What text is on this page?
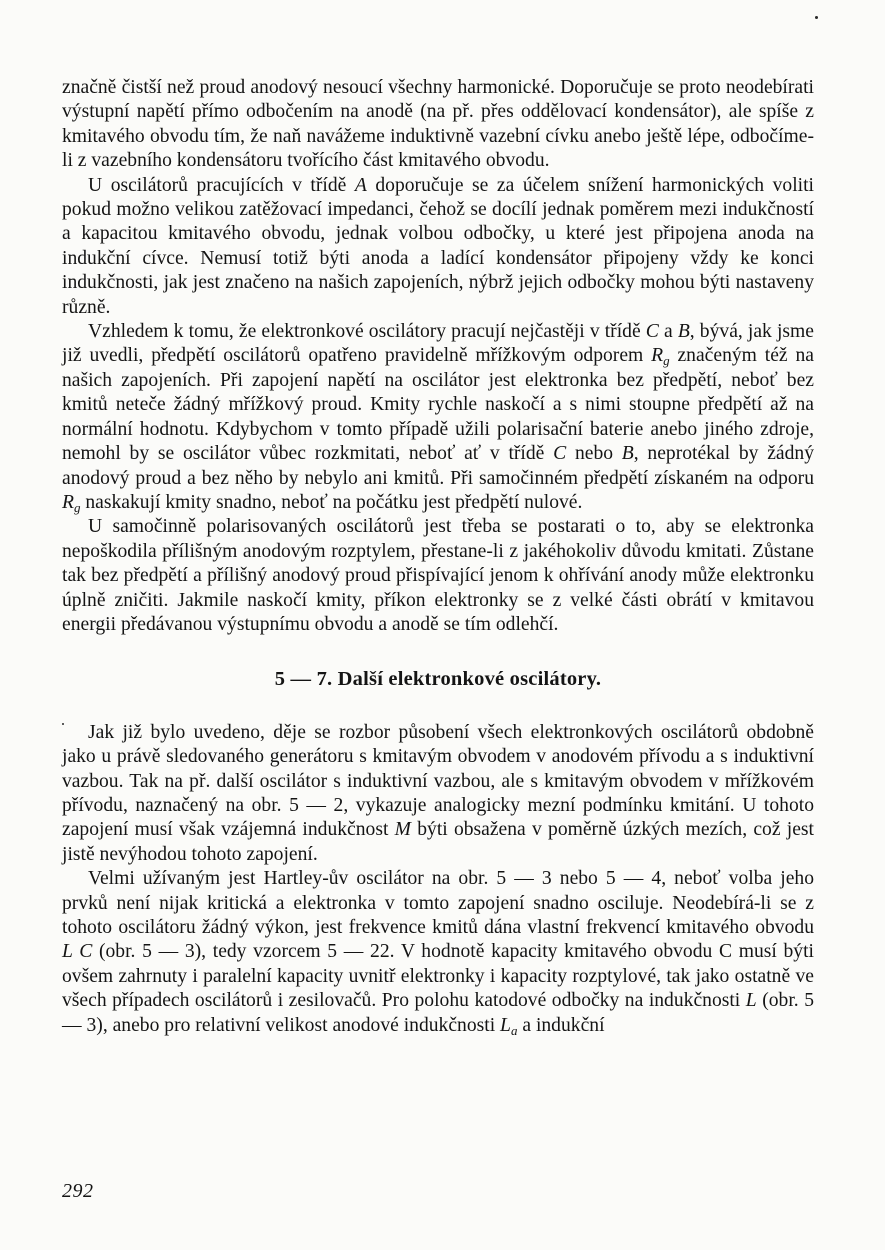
značně čistší než proud anodový nesoucí všechny harmonické. Doporučuje se proto neodebírati výstupní napětí přímo odbočením na anodě (na př. přes oddělovací kondensátor), ale spíše z kmitavého obvodu tím, že naň navážeme induktivně vazební cívku anebo ještě lépe, odbočíme-li z vazebního kondensátoru tvořícího část kmitavého obvodu.

U oscilátorů pracujících v třídě A doporučuje se za účelem snížení harmonických voliti pokud možno velikou zatěžovací impedanci, čehož se docílí jednak poměrem mezi indukčností a kapacitou kmitavého obvodu, jednak volbou odbočky, u které jest připojena anoda na indukční cívce. Nemusí totiž býti anoda a ladící kondensátor připojeny vždy ke konci indukčnosti, jak jest značeno na našich zapojeních, nýbrž jejich odbočky mohou býti nastaveny různě.

Vzhledem k tomu, že elektronkové oscilátory pracují nejčastěji v třídě C a B, bývá, jak jsme již uvedli, předpětí oscilátorů opatřeno pravidelně mřížkovým odporem $R_g$ značeným též na našich zapojeních. Při zapojení napětí na oscilátor jest elektronka bez předpětí, neboť bez kmitů neteče žádný mřížkový proud. Kmity rychle naskočí a s nimi stoupne předpětí až na normální hodnotu. Kdybychom v tomto případě užili polarisační baterie anebo jiného zdroje, nemohl by se oscilátor vůbec rozkmitati, neboť ať v třídě C nebo B, neprotékal by žádný anodový proud a bez něho by nebylo ani kmitů. Při samočinném předpětí získaném na odporu $R_g$ naskakují kmity snadno, neboť na počátku jest předpětí nulové.

U samočinně polarisovaných oscilátorů jest třeba se postarati o to, aby se elektronka nepoškodila přílišným anodovým rozptylem, přestane-li z jakéhokoliv důvodu kmitati. Zůstane tak bez předpětí a přílišný anodový proud přispívající jenom k ohřívání anody může elektronku úplně zničiti. Jakmile naskočí kmity, příkon elektronky se z velké části obrátí v kmitavou energii předávanou výstupnímu obvodu a anodě se tím odlehčí.

5 — 7. Další elektronkové oscilátory.

Jak již bylo uvedeno, děje se rozbor působení všech elektronkových oscilátorů obdobně jako u právě sledovaného generátoru s kmitavým obvodem v anodovém přívodu a s induktivní vazbou. Tak na př. další oscilátor s induktivní vazbou, ale s kmitavým obvodem v mřížkovém přívodu, naznačený na obr. 5 — 2, vykazuje analogicky mezní podmínku kmitání. U tohoto zapojení musí však vzájemná indukčnost M býti obsažena v poměrně úzkých mezích, což jest jistě nevýhodou tohoto zapojení.

Velmi užívaným jest Hartley-ův oscilátor na obr. 5 — 3 nebo 5 — 4, neboť volba jeho prvků není nijak kritická a elektronka v tomto zapojení snadno osciluje. Neodebírá-li se z tohoto oscilátoru žádný výkon, jest frekvence kmitů dána vlastní frekvencí kmitavého obvodu L C (obr. 5 — 3), tedy vzorcem 5 — 22. V hodnotě kapacity kmitavého obvodu C musí býti ovšem zahrnuty i paralelní kapacity uvnitř elektronky i kapacity rozptylové, tak jako ostatně ve všech případech oscilátorů i zesilovačů. Pro polohu katodové odbočky na indukčnosti L (obr. 5 — 3), anebo pro relativní velikost anodové indukčnosti $L_a$ a indukční

292
